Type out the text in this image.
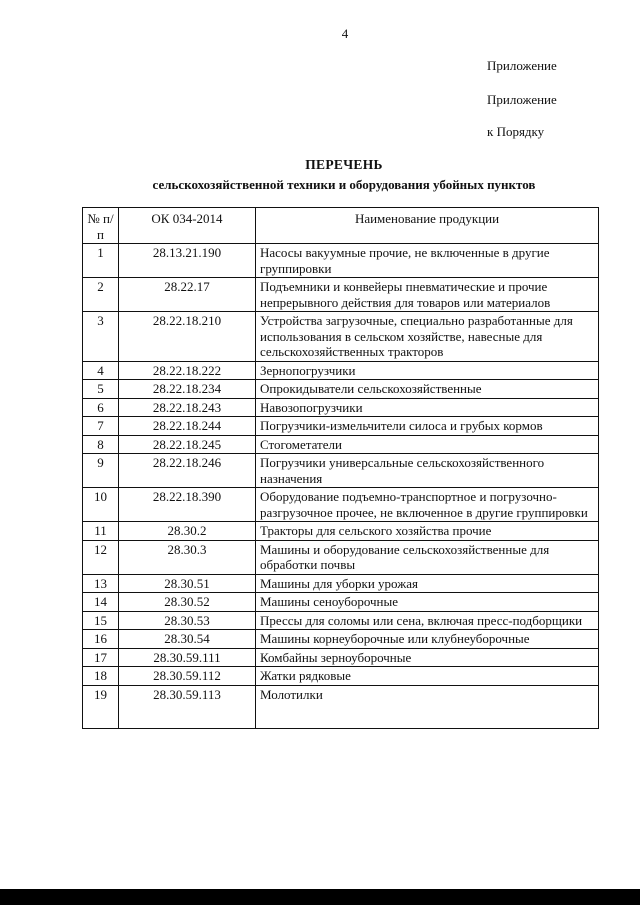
4
Приложение
Приложение
к Порядку
ПЕРЕЧЕНЬ
сельскохозяйственной техники и оборудования убойных пунктов
№ п/п	ОК 034-2014	Наименование продукции
1	28.13.21.190	Насосы вакуумные прочие, не включенные в другие группировки
2	28.22.17	Подъемники и конвейеры пневматические и прочие непрерывного действия для товаров или материалов
3	28.22.18.210	Устройства загрузочные, специально разработанные для использования в сельском хозяйстве, навесные для сельскохозяйственных тракторов
4	28.22.18.222	Зернопогрузчики
5	28.22.18.234	Опрокидыватели сельскохозяйственные
6	28.22.18.243	Навозопогрузчики
7	28.22.18.244	Погрузчики-измельчители силоса и грубых кормов
8	28.22.18.245	Стогометатели
9	28.22.18.246	Погрузчики универсальные сельскохозяйственного назначения
10	28.22.18.390	Оборудование подъемно-транспортное и погрузочно-разгрузочное прочее, не включенное в другие группировки
11	28.30.2	Тракторы для сельского хозяйства прочие
12	28.30.3	Машины и оборудование сельскохозяйственные для обработки почвы
13	28.30.51	Машины для уборки урожая
14	28.30.52	Машины сеноуборочные
15	28.30.53	Прессы для соломы или сена, включая пресс-подборщики
16	28.30.54	Машины корнеуборочные или клубнеуборочные
17	28.30.59.111	Комбайны зерноуборочные
18	28.30.59.112	Жатки рядковые
19	28.30.59.113	Молотилки
